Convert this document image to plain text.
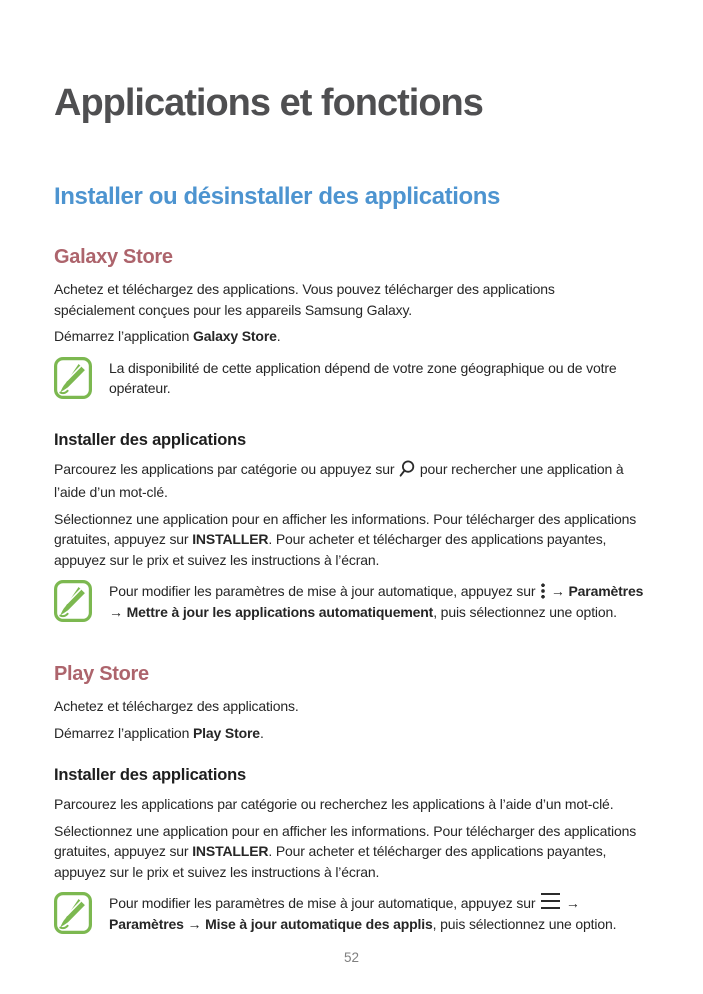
Applications et fonctions
Installer ou désinstaller des applications
Galaxy Store

Achetez et téléchargez des applications. Vous pouvez télécharger des applications spécialement conçues pour les appareils Samsung Galaxy.

Démarrez l’application Galaxy Store.

La disponibilité de cette application dépend de votre zone géographique ou de votre opérateur.
Installer des applications

Parcourez les applications par catégorie ou appuyez sur pour rechercher une application à l’aide d’un mot-clé.

Sélectionnez une application pour en afficher les informations. Pour télécharger des applications gratuites, appuyez sur INSTALLER. Pour acheter et télécharger des applications payantes, appuyez sur le prix et suivez les instructions à l’écran.

Pour modifier les paramètres de mise à jour automatique, appuyez sur → Paramètres → Mettre à jour les applications automatiquement, puis sélectionnez une option.
Play Store

Achetez et téléchargez des applications.

Démarrez l’application Play Store.

Installer des applications

Parcourez les applications par catégorie ou recherchez les applications à l’aide d’un mot-clé.

Sélectionnez une application pour en afficher les informations. Pour télécharger des applications gratuites, appuyez sur INSTALLER. Pour acheter et télécharger des applications payantes, appuyez sur le prix et suivez les instructions à l’écran.

Pour modifier les paramètres de mise à jour automatique, appuyez sur → Paramètres → Mise à jour automatique des applis, puis sélectionnez une option.
52
